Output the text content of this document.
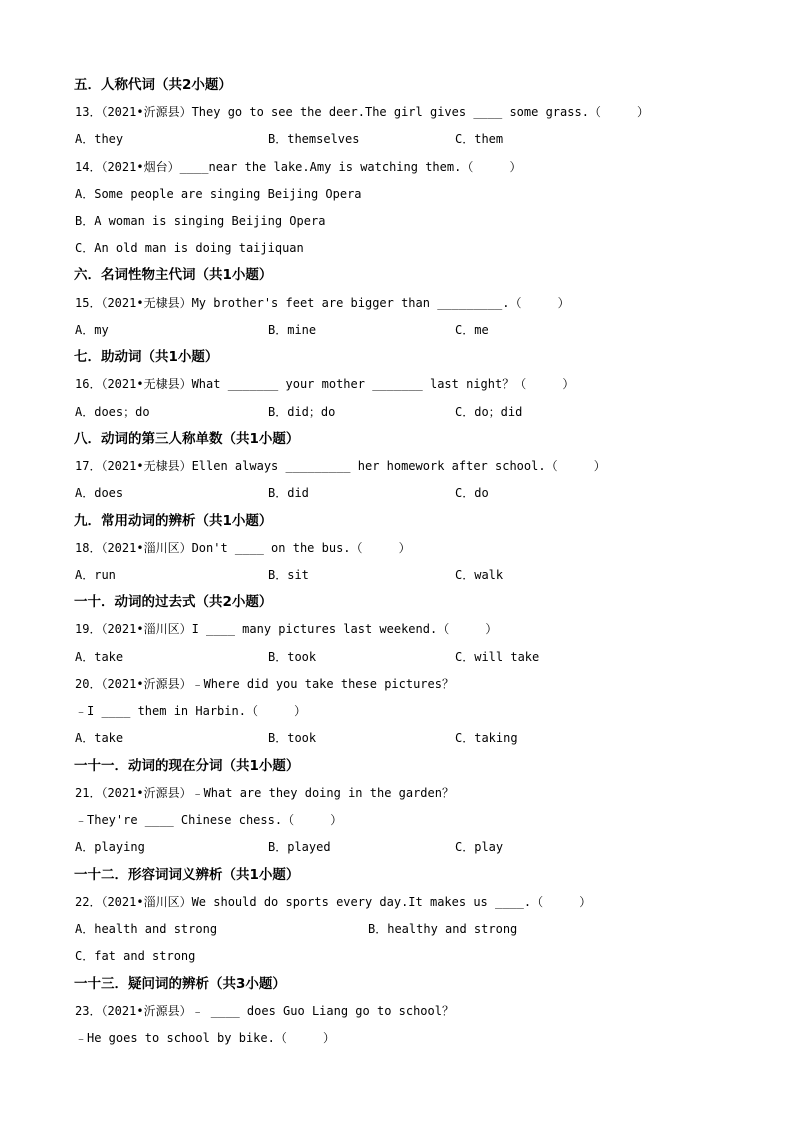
五．人称代词（共2小题）
13．（2021•沂源县）They go to see the deer.The girl gives ____ some grass.（     ）
A．they	B．themselves	C．them
14．（2021•烟台）____near the lake.Amy is watching them.（     ）
A．Some people are singing Beijing Opera
B．A woman is singing Beijing Opera
C．An old man is doing taijiquan
六．名词性物主代词（共1小题）
15．（2021•无棣县）My brother's feet are bigger than _________.（     ）
A．my	B．mine	C．me
七．助动词（共1小题）
16．（2021•无棣县）What _______ your mother _______ last night？（     ）
A．does；do	B．did；do	C．do；did
八．动词的第三人称单数（共1小题）
17．（2021•无棣县）Ellen always _________ her homework after school.（     ）
A．does	B．did	C．do
九．常用动词的辨析（共1小题）
18．（2021•淄川区）Don't ____ on the bus.（     ）
A．run	B．sit	C．walk
一十．动词的过去式（共2小题）
19．（2021•淄川区）I ____ many pictures last weekend.（     ）
A．take	B．took	C．will take
20．（2021•沂源县）﹣Where did you take these pictures？
﹣I ____ them in Harbin.（     ）
A．take	B．took	C．taking
一十一．动词的现在分词（共1小题）
21．（2021•沂源县）﹣What are they doing in the garden？
﹣They're ____ Chinese chess.（     ）
A．playing	B．played	C．play
一十二．形容词词义辨析（共1小题）
22．（2021•淄川区）We should do sports every day.It makes us ____.（     ）
A．health and strong	B．healthy and strong
C．fat and strong
一十三．疑问词的辨析（共3小题）
23．（2021•沂源县）﹣ ____ does Guo Liang go to school？
﹣He goes to school by bike.（     ）
